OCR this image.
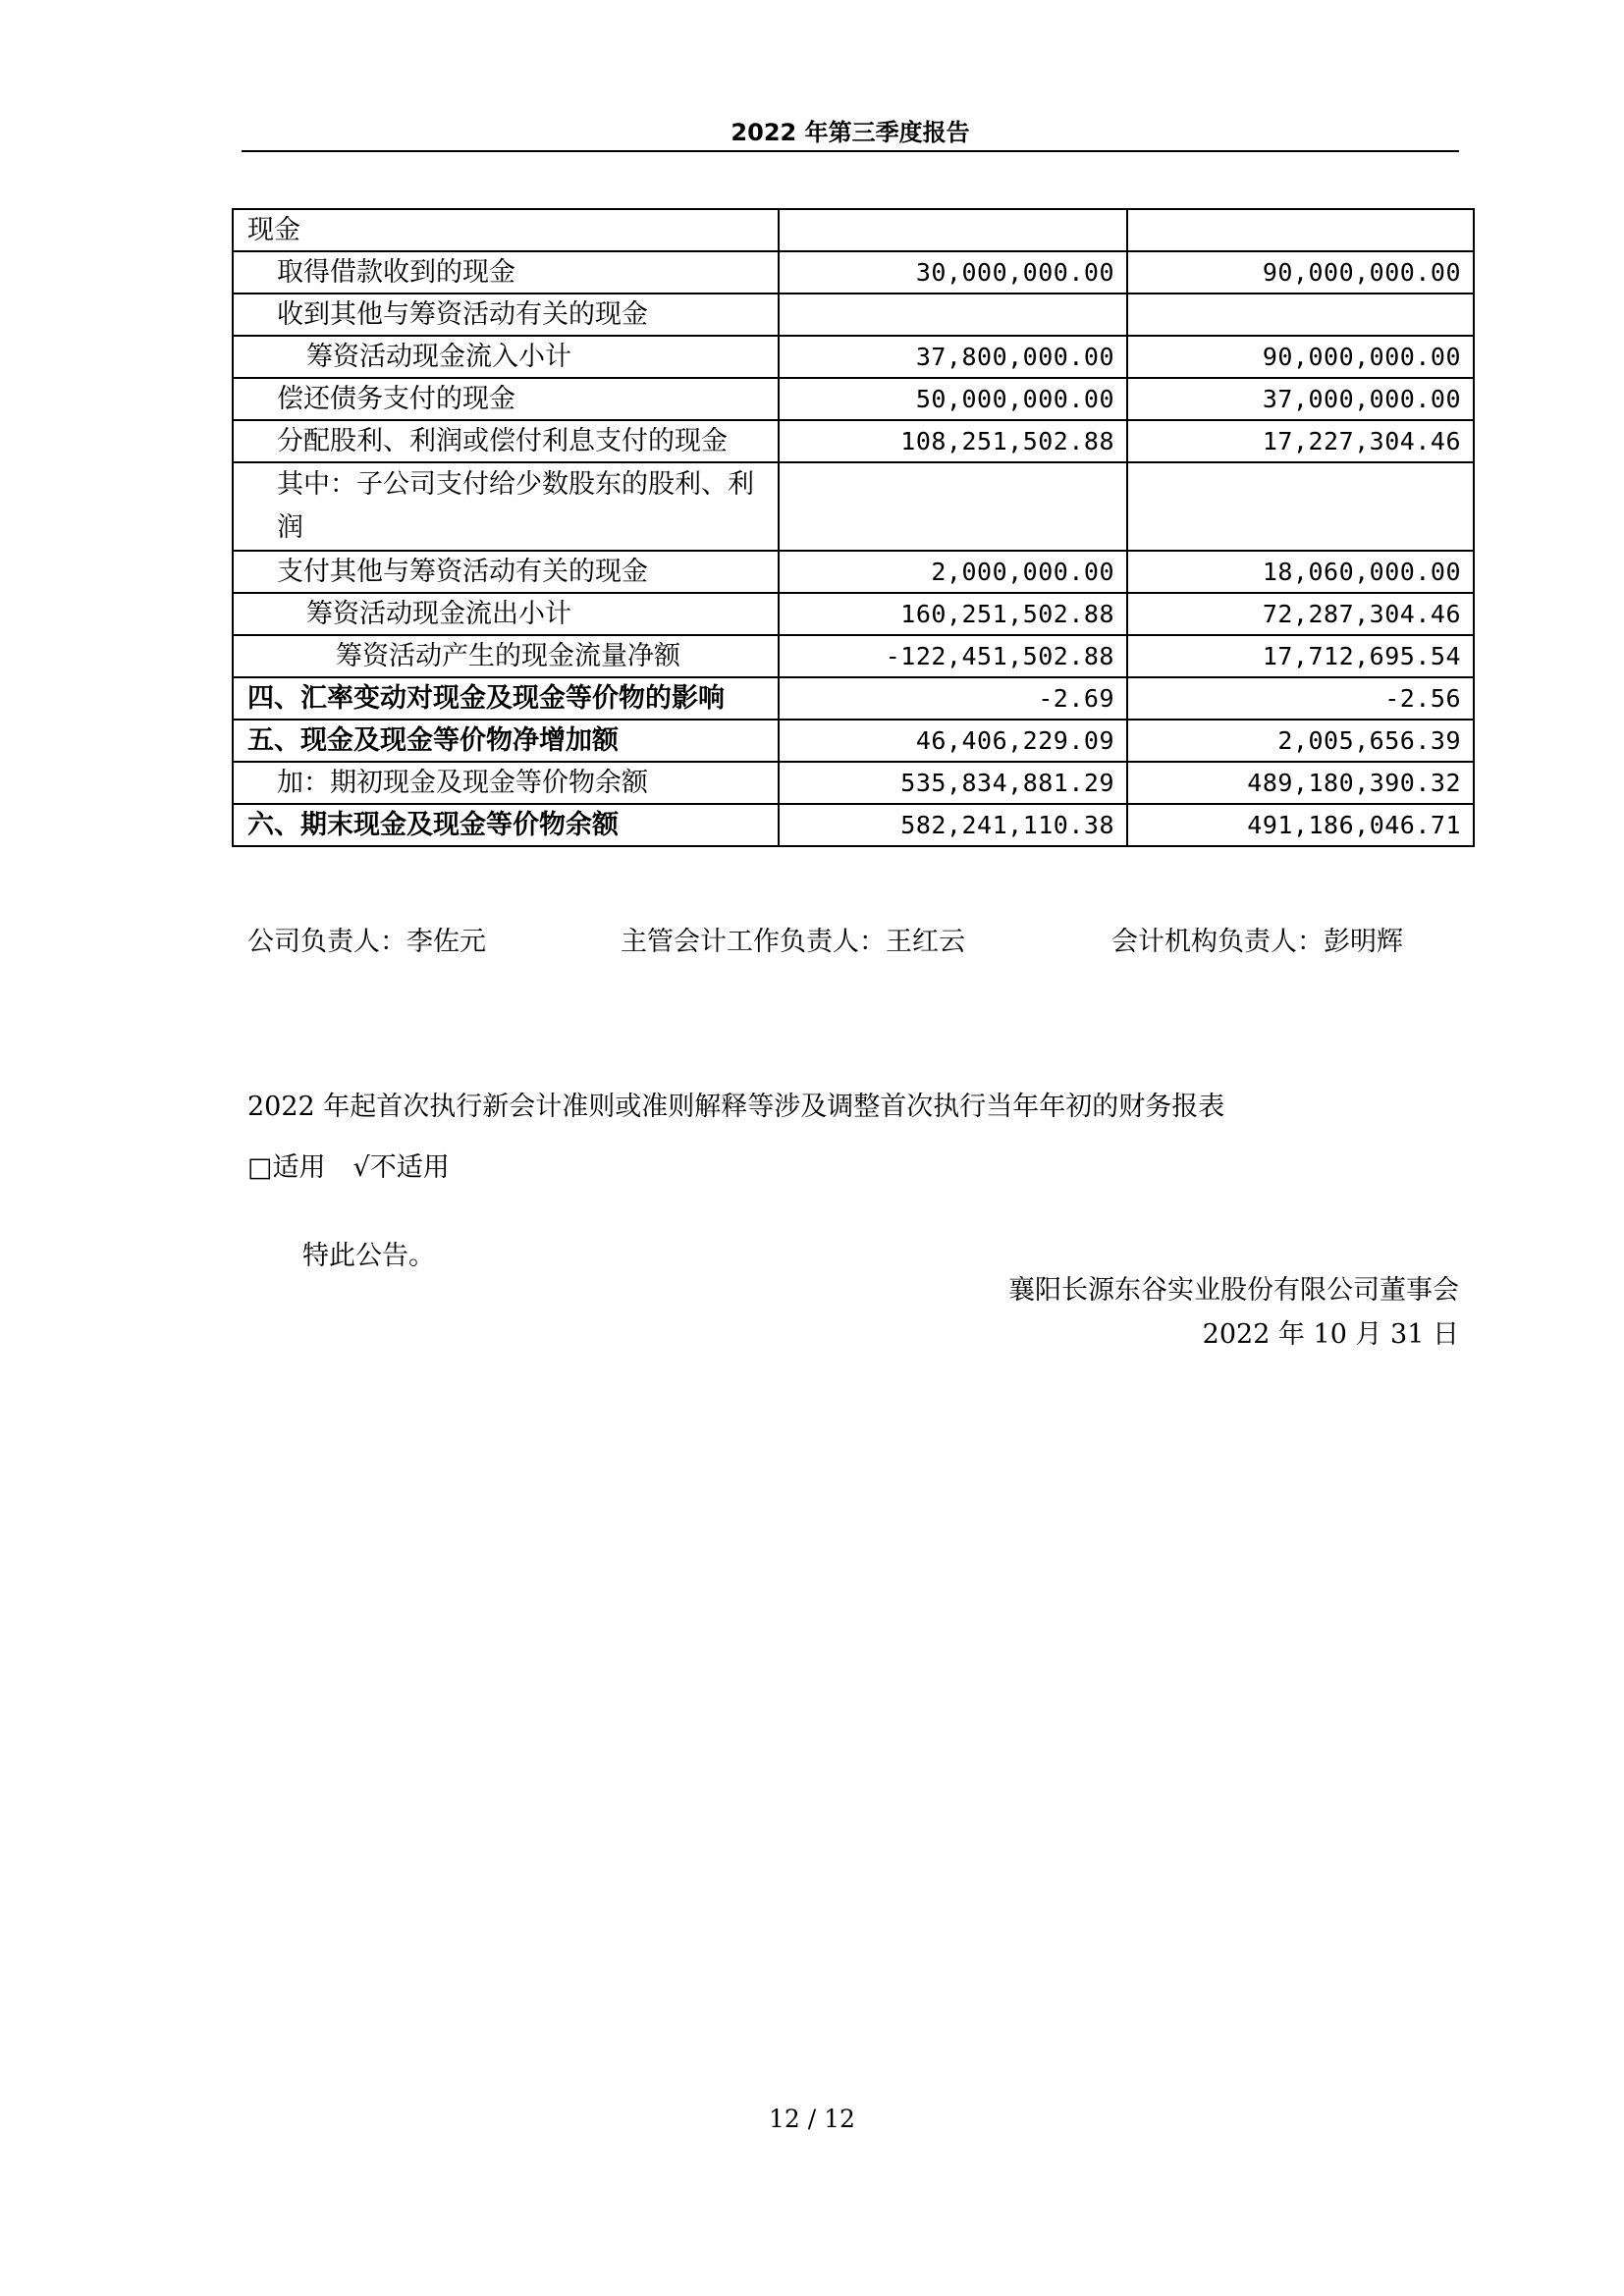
2022 年第三季度报告
现金		
取得借款收到的现金	30,000,000.00	90,000,000.00
收到其他与筹资活动有关的现金		
筹资活动现金流入小计	37,800,000.00	90,000,000.00
偿还债务支付的现金	50,000,000.00	37,000,000.00
分配股利、利润或偿付利息支付的现金	108,251,502.88	17,227,304.46
其中：子公司支付给少数股东的股利、利润		
支付其他与筹资活动有关的现金	2,000,000.00	18,060,000.00
筹资活动现金流出小计	160,251,502.88	72,287,304.46
筹资活动产生的现金流量净额	-122,451,502.88	17,712,695.54
四、汇率变动对现金及现金等价物的影响	-2.69	-2.56
五、现金及现金等价物净增加额	46,406,229.09	2,005,656.39
加：期初现金及现金等价物余额	535,834,881.29	489,180,390.32
六、期末现金及现金等价物余额	582,241,110.38	491,186,046.71
公司负责人：李佐元	主管会计工作负责人：王红云	会计机构负责人：彭明辉
2022 年起首次执行新会计准则或准则解释等涉及调整首次执行当年年初的财务报表
□适用 √不适用
特此公告。
襄阳长源东谷实业股份有限公司董事会
2022 年 10 月 31 日
12 / 12
